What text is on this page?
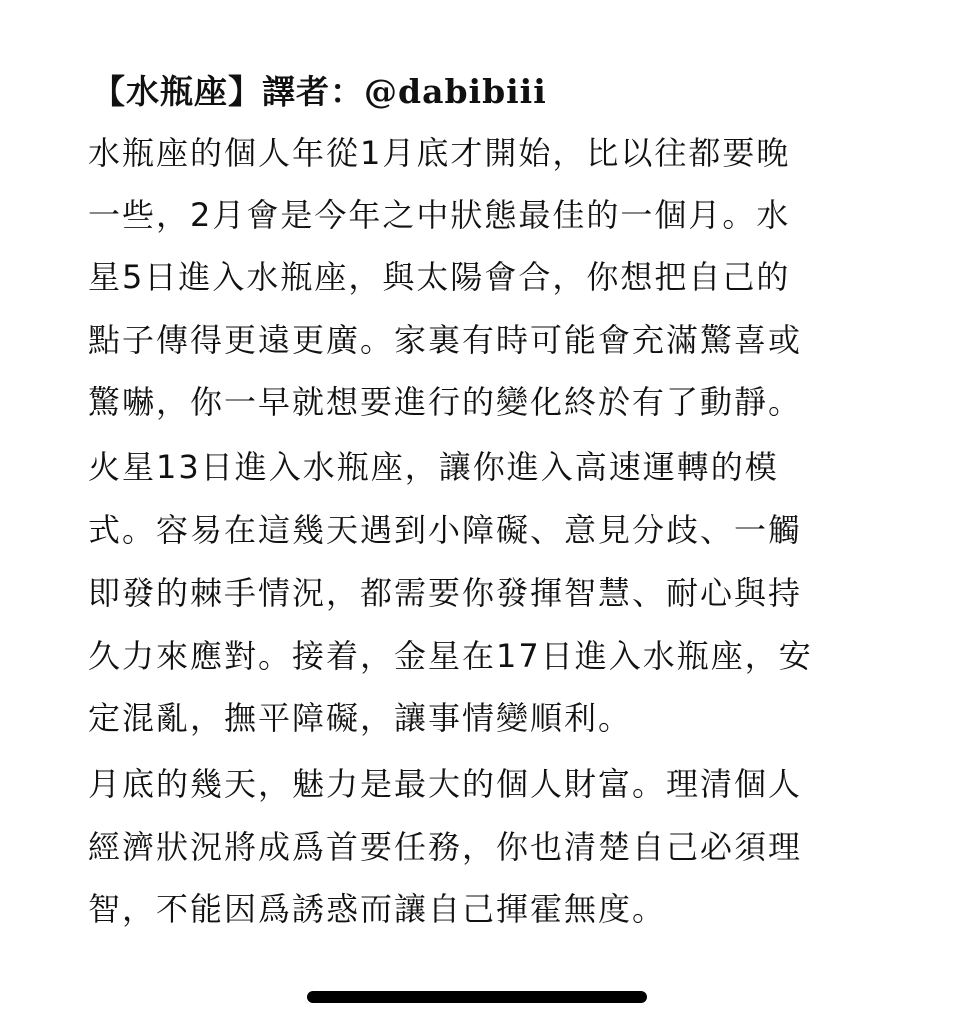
【水瓶座】譯者：@dabibiii
水瓶座的個人年從1月底才開始，比以往都要晚
一些，2月會是今年之中狀態最佳的一個月。水
星5日進入水瓶座，與太陽會合，你想把自己的
點子傳得更遠更廣。家裏有時可能會充滿驚喜或
驚嚇，你一早就想要進行的變化終於有了動靜。
火星13日進入水瓶座，讓你進入高速運轉的模
式。容易在這幾天遇到小障礙、意見分歧、一觸
即發的棘手情況，都需要你發揮智慧、耐心與持
久力來應對。接着，金星在17日進入水瓶座，安
定混亂，撫平障礙，讓事情變順利。
月底的幾天，魅力是最大的個人財富。理清個人
經濟狀況將成爲首要任務，你也清楚自己必須理
智，不能因爲誘惑而讓自己揮霍無度。
